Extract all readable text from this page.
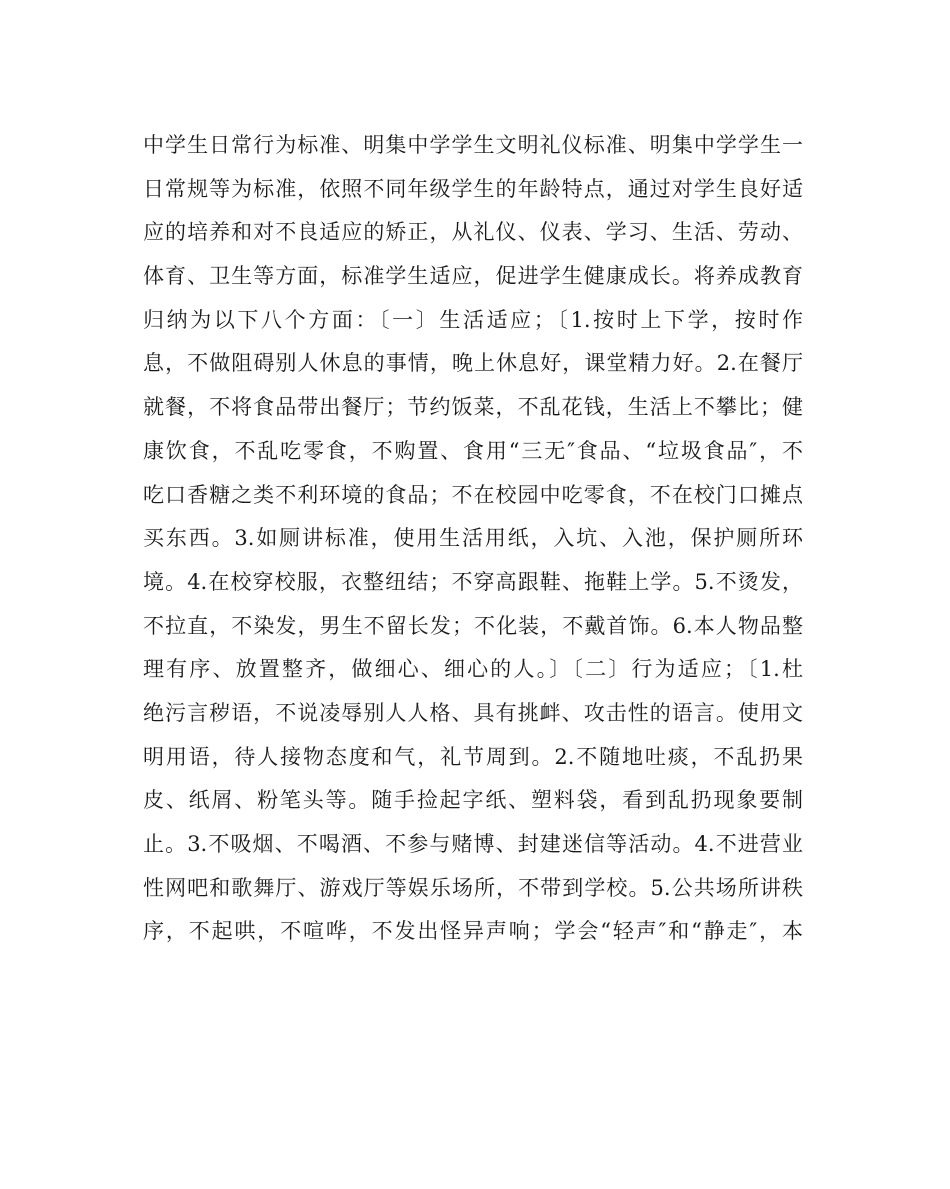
中学生日常行为标准、明集中学学生文明礼仪标准、明集中学学生一
日常规等为标准，依照不同年级学生的年龄特点，通过对学生良好适
应的培养和对不良适应的矫正，从礼仪、仪表、学习、生活、劳动、
体育、卫生等方面，标准学生适应，促进学生健康成长。将养成教育
归纳为以下八个方面：〔一〕生活适应；〔1.按时上下学，按时作
息，不做阻碍别人休息的事情，晚上休息好，课堂精力好。2.在餐厅
就餐，不将食品带出餐厅；节约饭菜，不乱花钱，生活上不攀比；健
康饮食，不乱吃零食，不购置、食用“三无″食品、“垃圾食品″，不
吃口香糖之类不利环境的食品；不在校园中吃零食，不在校门口摊点
买东西。3.如厕讲标准，使用生活用纸，入坑、入池，保护厕所环
境。4.在校穿校服，衣整纽结；不穿高跟鞋、拖鞋上学。5.不烫发，
不拉直，不染发，男生不留长发；不化装，不戴首饰。6.本人物品整
理有序、放置整齐，做细心、细心的人。〕〔二〕行为适应；〔1.杜
绝污言秽语，不说凌辱别人人格、具有挑衅、攻击性的语言。使用文
明用语，待人接物态度和气，礼节周到。2.不随地吐痰，不乱扔果
皮、纸屑、粉笔头等。随手捡起字纸、塑料袋，看到乱扔现象要制
止。3.不吸烟、不喝酒、不参与赌博、封建迷信等活动。4.不进营业
性网吧和歌舞厅、游戏厅等娱乐场所，不带到学校。5.公共场所讲秩
序，不起哄，不喧哗，不发出怪异声响；学会“轻声″和“静走″，本
